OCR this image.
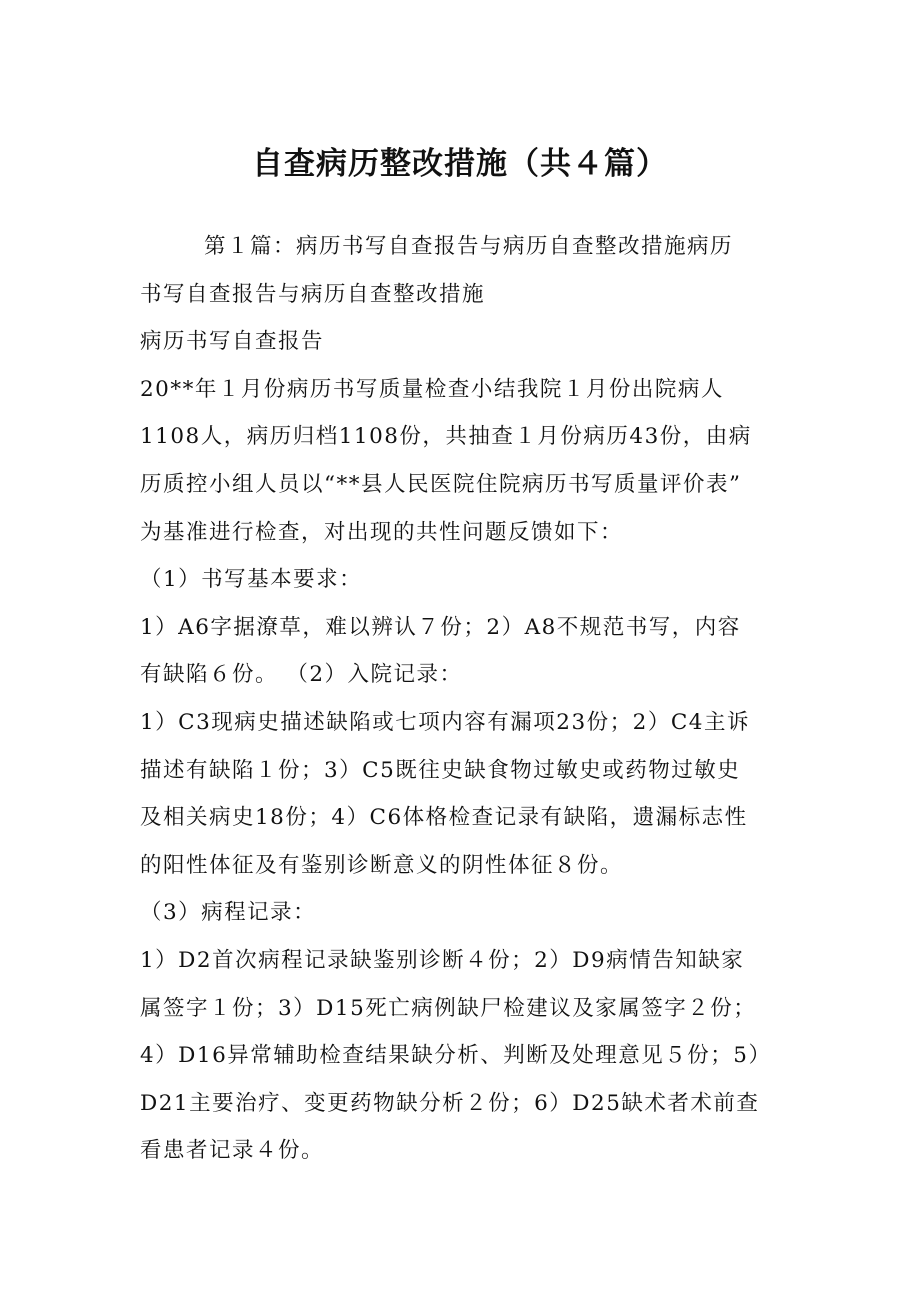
自查病历整改措施（共４篇）

第１篇：病历书写自查报告与病历自查整改措施病历

书写自查报告与病历自查整改措施

病历书写自查报告

20**年１月份病历书写质量检查小结我院１月份出院病人

1108人，病历归档1108份，共抽查１月份病历43份，由病

历质控小组人员以“**县人民医院住院病历书写质量评价表”

为基准进行检查，对出现的共性问题反馈如下：

（1）书写基本要求：

1）A6字据潦草，难以辨认７份；2）A8不规范书写，内容

有缺陷６份。 （2）入院记录：

1）C3现病史描述缺陷或七项内容有漏项23份；2）C4主诉

描述有缺陷１份；3）C5既往史缺食物过敏史或药物过敏史

及相关病史18份；4）C6体格检查记录有缺陷，遗漏标志性

的阳性体征及有鉴别诊断意义的阴性体征８份。

（3）病程记录：

1）D2首次病程记录缺鉴别诊断４份；2）D9病情告知缺家

属签字１份；3）D15死亡病例缺尸检建议及家属签字２份；

4）D16异常辅助检查结果缺分析、判断及处理意见５份；5）

D21主要治疗、变更药物缺分析２份；6）D25缺术者术前查

看患者记录４份。
